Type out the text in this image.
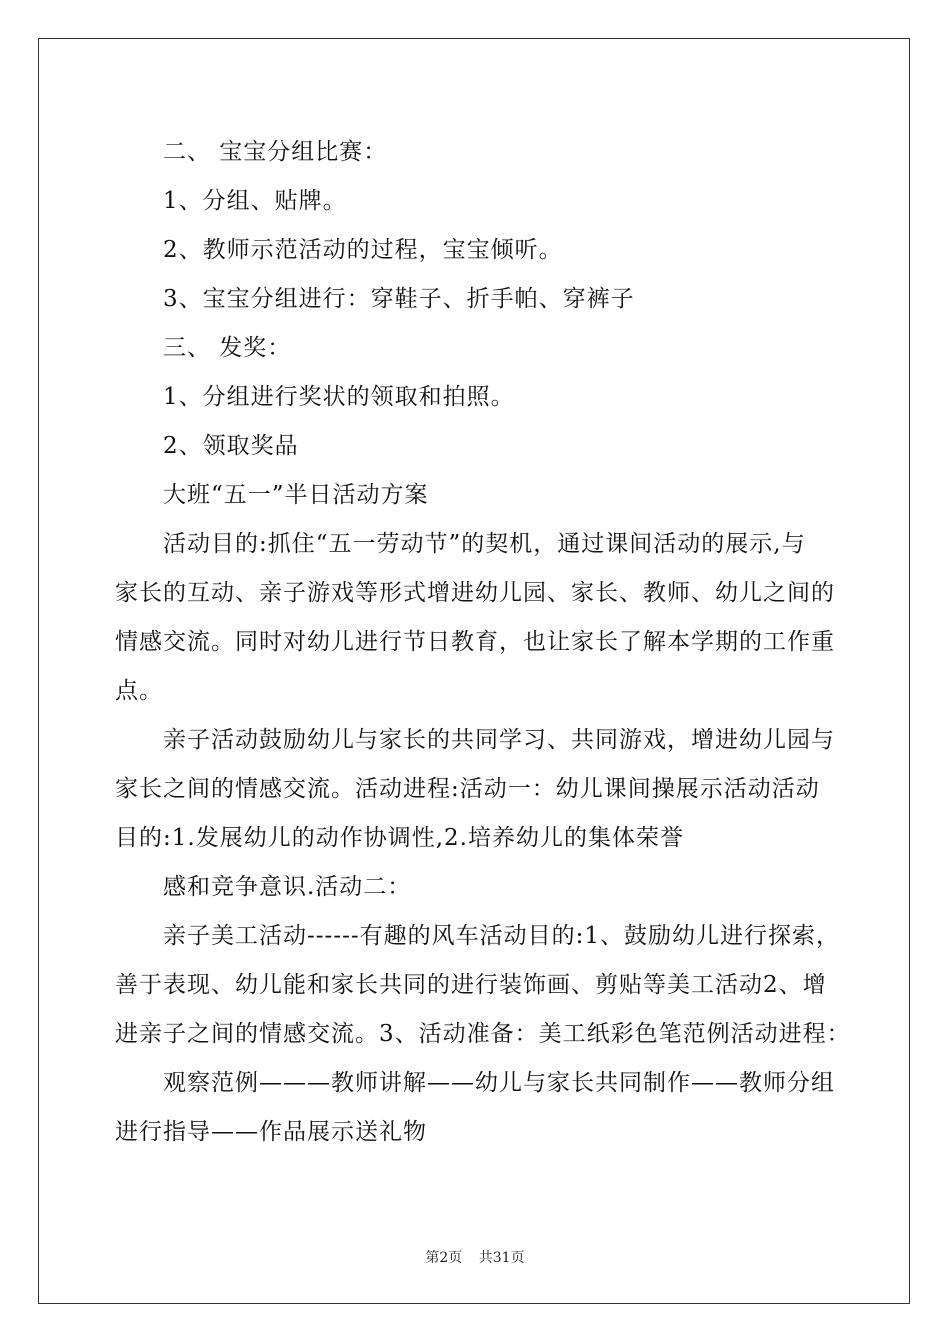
二、 宝宝分组比赛：
1、分组、贴牌。
2、教师示范活动的过程，宝宝倾听。
3、宝宝分组进行：穿鞋子、折手帕、穿裤子
三、 发奖：
1、分组进行奖状的领取和拍照。
2、领取奖品
大班“五一”半日活动方案
活动目的:抓住“五一劳动节”的契机，通过课间活动的展示,与
家长的互动、亲子游戏等形式增进幼儿园、家长、教师、幼儿之间的
情感交流。同时对幼儿进行节日教育，也让家长了解本学期的工作重
点。
亲子活动鼓励幼儿与家长的共同学习、共同游戏，增进幼儿园与
家长之间的情感交流。活动进程:活动一：幼儿课间操展示活动活动
目的:1.发展幼儿的动作协调性,2.培养幼儿的集体荣誉
感和竞争意识.活动二：
亲子美工活动------有趣的风车活动目的:1、鼓励幼儿进行探索，
善于表现、幼儿能和家长共同的进行装饰画、剪贴等美工活动2、增
进亲子之间的情感交流。3、活动准备：美工纸彩色笔范例活动进程：
观察范例———教师讲解——幼儿与家长共同制作——教师分组
进行指导——作品展示送礼物
第2页 共31页
